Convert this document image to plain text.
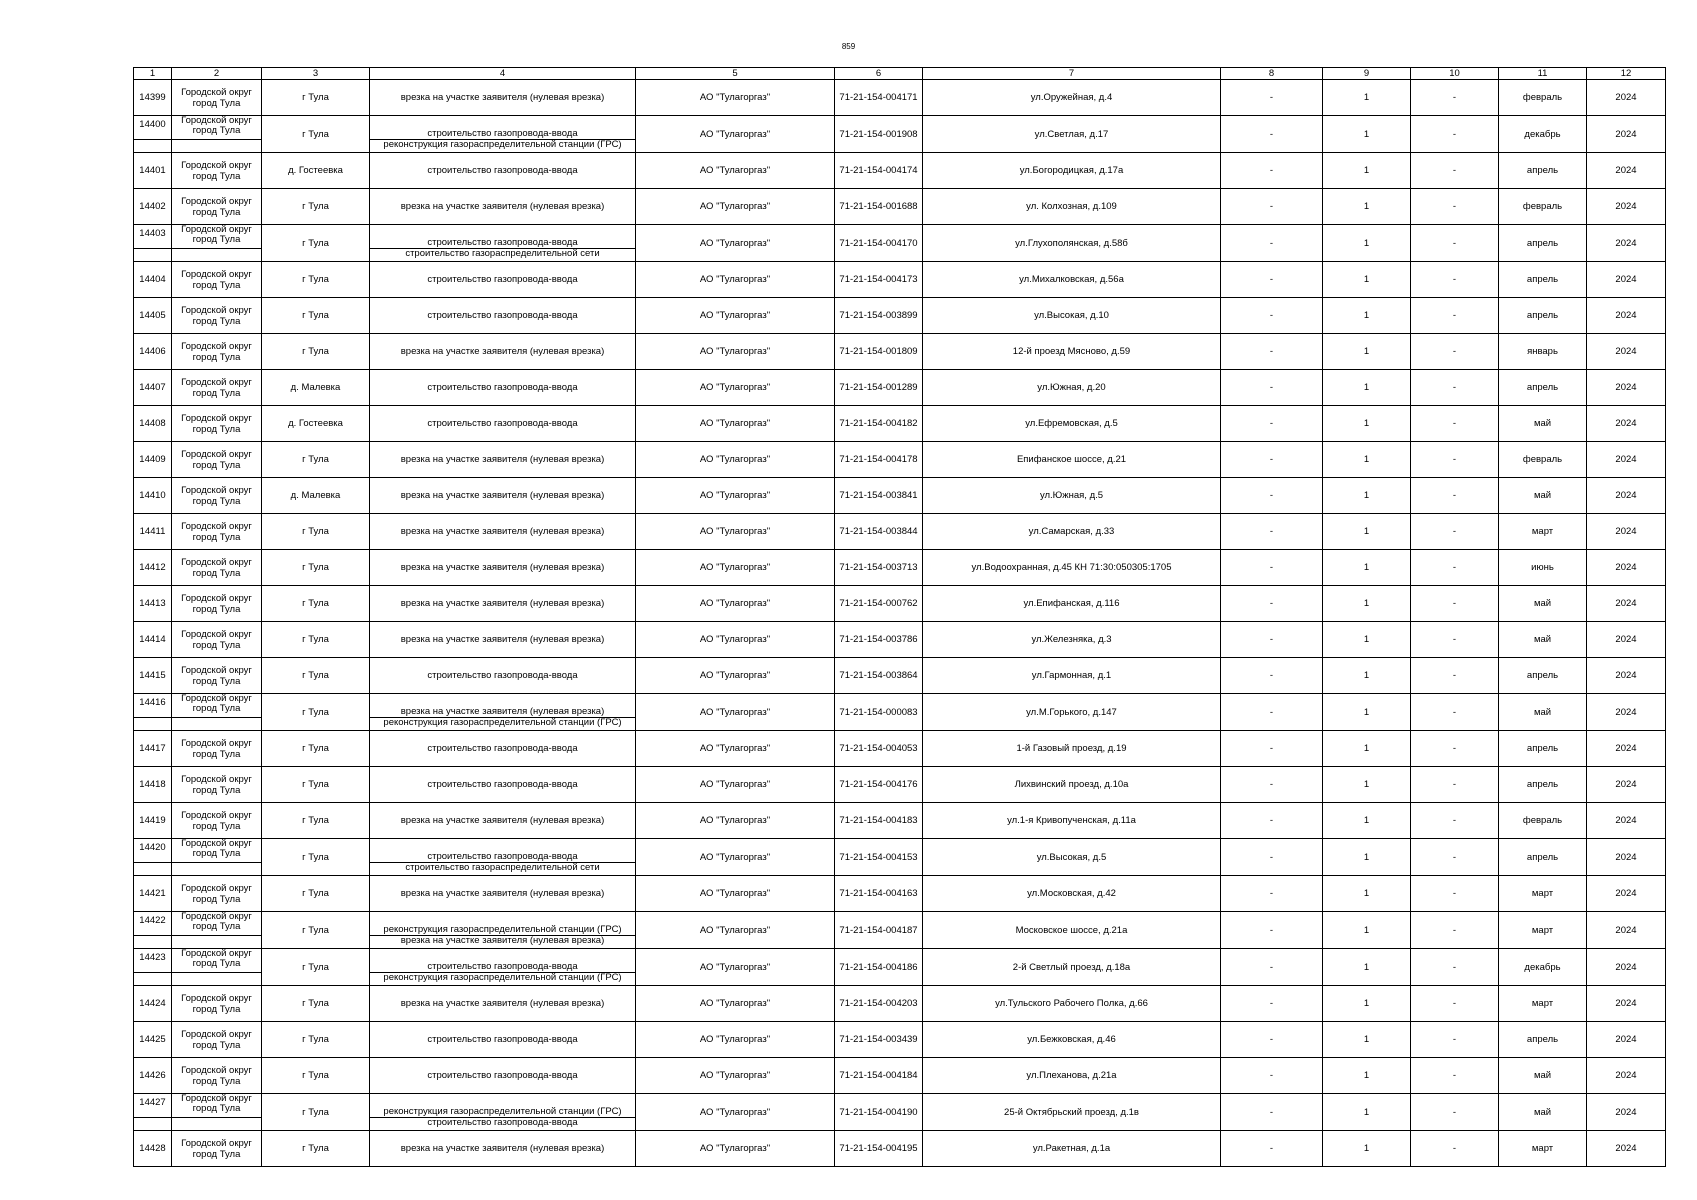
859
1	2	3	4	5	6	7	8	9	10	11	12
14399	Городской округ город Тула	г Тула	врезка на участке заявителя (нулевая врезка)	АО "Тулагоргаз"	71-21-154-004171	ул.Оружейная, д.4	-	1	-	февраль	2024
14400	Городской округ город Тула	г Тула	строительство газопровода-ввода	АО "Тулагоргаз"	71-21-154-001908	ул.Светлая, д.17	-	1	-	декабрь	2024
			реконструкция газораспределительной станции (ГРС)								
14401	Городской округ город Тула	д. Гостеевка	строительство газопровода-ввода	АО "Тулагоргаз"	71-21-154-004174	ул.Богородицкая, д.17а	-	1	-	апрель	2024
14402	Городской округ город Тула	г Тула	врезка на участке заявителя (нулевая врезка)	АО "Тулагоргаз"	71-21-154-001688	ул. Колхозная, д.109	-	1	-	февраль	2024
14403	Городской округ город Тула	г Тула	строительство газопровода-ввода	АО "Тулагоргаз"	71-21-154-004170	ул.Глухополянская, д.58б	-	1	-	апрель	2024
			строительство газораспределительной сети								
14404	Городской округ город Тула	г Тула	строительство газопровода-ввода	АО "Тулагоргаз"	71-21-154-004173	ул.Михалковская, д.56а	-	1	-	апрель	2024
14405	Городской округ город Тула	г Тула	строительство газопровода-ввода	АО "Тулагоргаз"	71-21-154-003899	ул.Высокая, д.10	-	1	-	апрель	2024
14406	Городской округ город Тула	г Тула	врезка на участке заявителя (нулевая врезка)	АО "Тулагоргаз"	71-21-154-001809	12-й проезд Мясново, д.59	-	1	-	январь	2024
14407	Городской округ город Тула	д. Малевка	строительство газопровода-ввода	АО "Тулагоргаз"	71-21-154-001289	ул.Южная, д.20	-	1	-	апрель	2024
14408	Городской округ город Тула	д. Гостеевка	строительство газопровода-ввода	АО "Тулагоргаз"	71-21-154-004182	ул.Ефремовская, д.5	-	1	-	май	2024
14409	Городской округ город Тула	г Тула	врезка на участке заявителя (нулевая врезка)	АО "Тулагоргаз"	71-21-154-004178	Епифанское шоссе, д.21	-	1	-	февраль	2024
14410	Городской округ город Тула	д. Малевка	врезка на участке заявителя (нулевая врезка)	АО "Тулагоргаз"	71-21-154-003841	ул.Южная, д.5	-	1	-	май	2024
14411	Городской округ город Тула	г Тула	врезка на участке заявителя (нулевая врезка)	АО "Тулагоргаз"	71-21-154-003844	ул.Самарская, д.33	-	1	-	март	2024
14412	Городской округ город Тула	г Тула	врезка на участке заявителя (нулевая врезка)	АО "Тулагоргаз"	71-21-154-003713	ул.Водоохранная, д.45 КН 71:30:050305:1705	-	1	-	июнь	2024
14413	Городской округ город Тула	г Тула	врезка на участке заявителя (нулевая врезка)	АО "Тулагоргаз"	71-21-154-000762	ул.Епифанская, д.116	-	1	-	май	2024
14414	Городской округ город Тула	г Тула	врезка на участке заявителя (нулевая врезка)	АО "Тулагоргаз"	71-21-154-003786	ул.Железняка, д.3	-	1	-	май	2024
14415	Городской округ город Тула	г Тула	строительство газопровода-ввода	АО "Тулагоргаз"	71-21-154-003864	ул.Гармонная, д.1	-	1	-	апрель	2024
14416	Городской округ город Тула	г Тула	врезка на участке заявителя (нулевая врезка)	АО "Тулагоргаз"	71-21-154-000083	ул.М.Горького, д.147	-	1	-	май	2024
			реконструкция газораспределительной станции (ГРС)								
14417	Городской округ город Тула	г Тула	строительство газопровода-ввода	АО "Тулагоргаз"	71-21-154-004053	1-й Газовый проезд, д.19	-	1	-	апрель	2024
14418	Городской округ город Тула	г Тула	строительство газопровода-ввода	АО "Тулагоргаз"	71-21-154-004176	Лихвинский проезд, д.10а	-	1	-	апрель	2024
14419	Городской округ город Тула	г Тула	врезка на участке заявителя (нулевая врезка)	АО "Тулагоргаз"	71-21-154-004183	ул.1-я Кривопученская, д.11а	-	1	-	февраль	2024
14420	Городской округ город Тула	г Тула	строительство газопровода-ввода	АО "Тулагоргаз"	71-21-154-004153	ул.Высокая, д.5	-	1	-	апрель	2024
			строительство газораспределительной сети								
14421	Городской округ город Тула	г Тула	врезка на участке заявителя (нулевая врезка)	АО "Тулагоргаз"	71-21-154-004163	ул.Московская, д.42	-	1	-	март	2024
14422	Городской округ город Тула	г Тула	реконструкция газораспределительной станции (ГРС)	АО "Тулагоргаз"	71-21-154-004187	Московское шоссе, д.21а	-	1	-	март	2024
			врезка на участке заявителя (нулевая врезка)								
14423	Городской округ город Тула	г Тула	строительство газопровода-ввода	АО "Тулагоргаз"	71-21-154-004186	2-й Светлый проезд, д.18а	-	1	-	декабрь	2024
			реконструкция газораспределительной станции (ГРС)								
14424	Городской округ город Тула	г Тула	врезка на участке заявителя (нулевая врезка)	АО "Тулагоргаз"	71-21-154-004203	ул.Тульского Рабочего Полка, д.66	-	1	-	март	2024
14425	Городской округ город Тула	г Тула	строительство газопровода-ввода	АО "Тулагоргаз"	71-21-154-003439	ул.Бежковская, д.46	-	1	-	апрель	2024
14426	Городской округ город Тула	г Тула	строительство газопровода-ввода	АО "Тулагоргаз"	71-21-154-004184	ул.Плеханова, д.21а	-	1	-	май	2024
14427	Городской округ город Тула	г Тула	реконструкция газораспределительной станции (ГРС)	АО "Тулагоргаз"	71-21-154-004190	25-й Октябрьский проезд, д.1в	-	1	-	май	2024
			строительство газопровода-ввода								
14428	Городской округ город Тула	г Тула	врезка на участке заявителя (нулевая врезка)	АО "Тулагоргаз"	71-21-154-004195	ул.Ракетная, д.1а	-	1	-	март	2024
